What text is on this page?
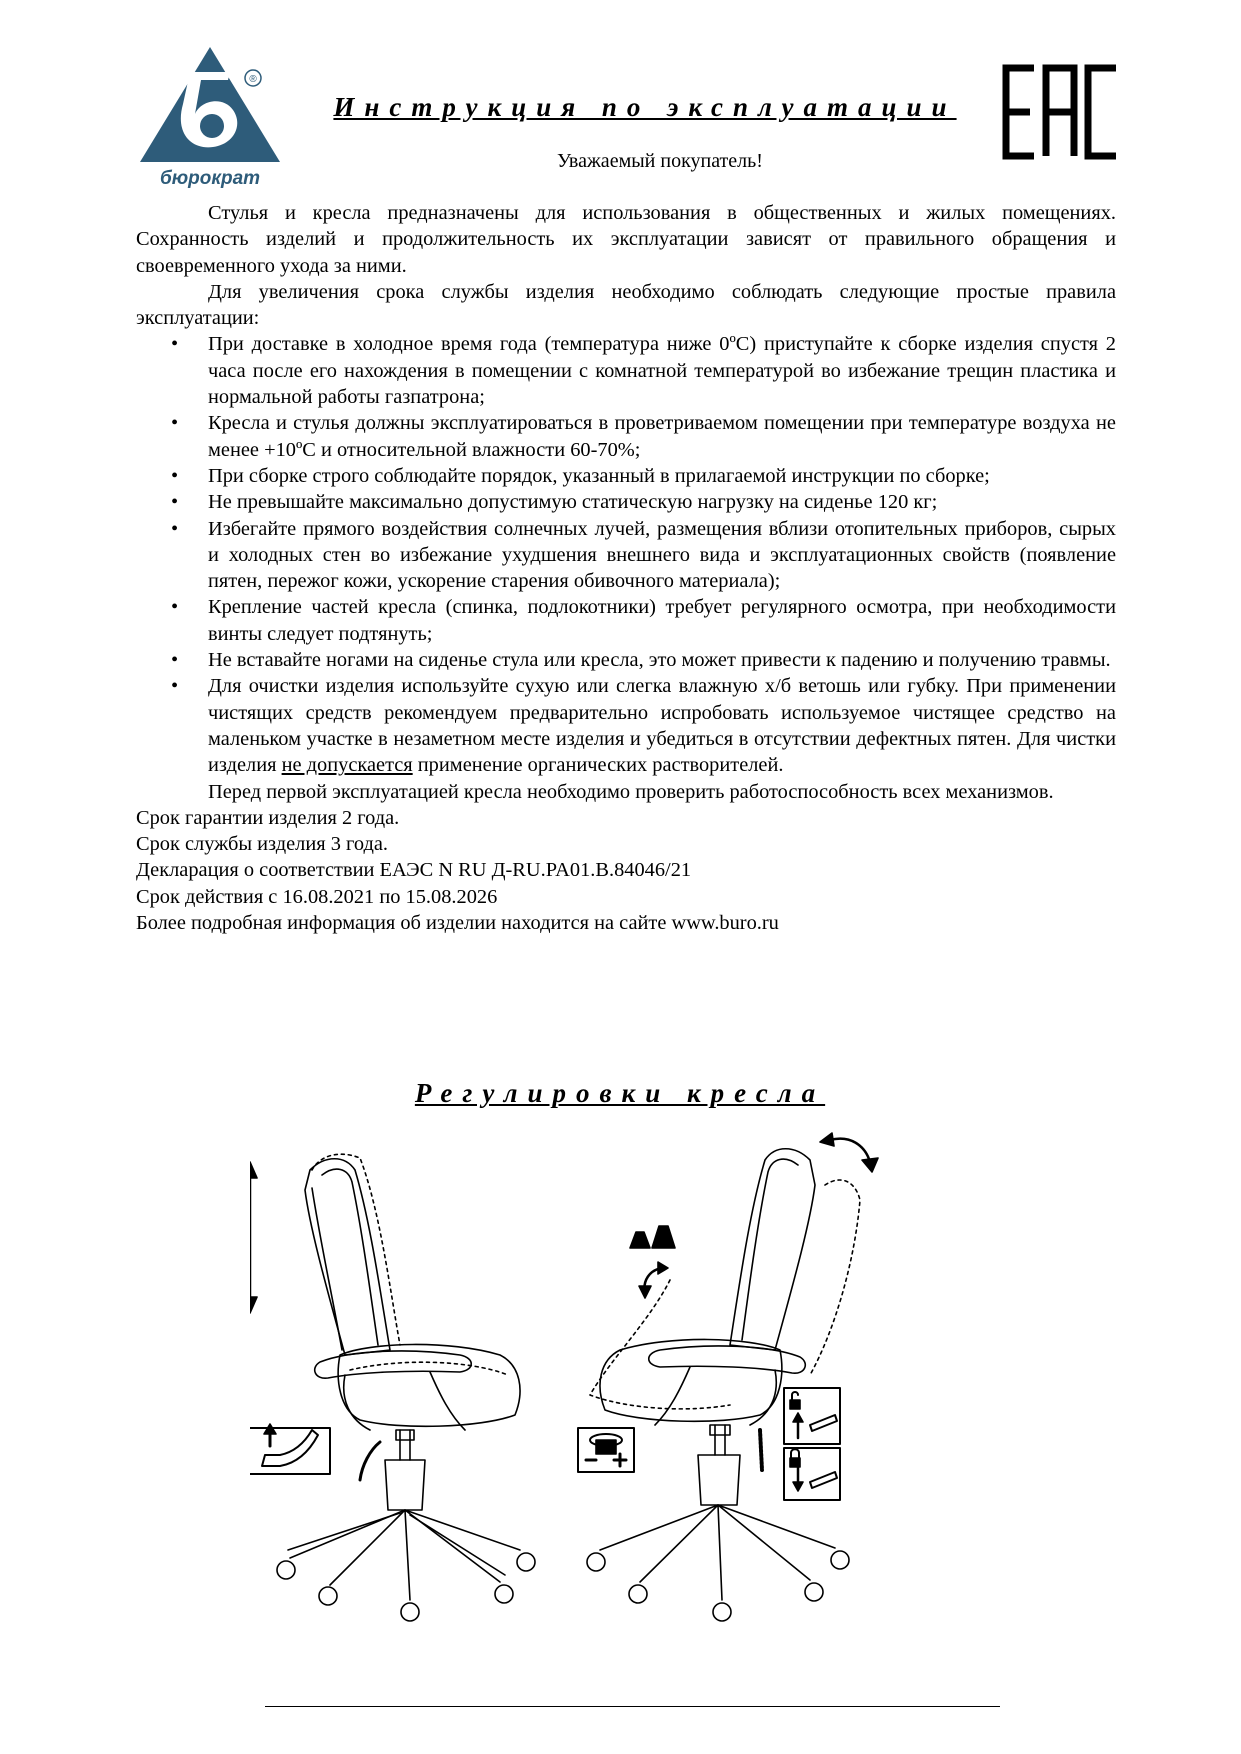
®
бюрократ
Инструкция по эксплуатации
EAC
Уважаемый покупатель!

Стулья и кресла предназначены для использования в общественных и жилых помещениях. Сохранность изделий и продолжительность их эксплуатации зависят от правильного обращения и своевременного ухода за ними.

Для увеличения срока службы изделия необходимо соблюдать следующие простые правила эксплуатации:

• При доставке в холодное время года (температура ниже 0ºС) приступайте к сборке изделия спустя 2 часа после его нахождения в помещении с комнатной температурой во избежание трещин пластика и нормальной работы газпатрона;
• Кресла и стулья должны эксплуатироваться в проветриваемом помещении при температуре воздуха не менее +10ºС и относительной влажности 60-70%;
• При сборке строго соблюдайте порядок, указанный в прилагаемой инструкции по сборке;
• Не превышайте максимально допустимую статическую нагрузку на сиденье 120 кг;
• Избегайте прямого воздействия солнечных лучей, размещения вблизи отопительных приборов, сырых и холодных стен во избежание ухудшения внешнего вида и эксплуатационных свойств (появление пятен, пережог кожи, ускорение старения обивочного материала);
• Крепление частей кресла (спинка, подлокотники) требует регулярного осмотра, при необходимости винты следует подтянуть;
• Не вставайте ногами на сиденье стула или кресла, это может привести к падению и получению травмы.
• Для очистки изделия используйте сухую или слегка влажную х/б ветошь или губку. При применении чистящих средств рекомендуем предварительно испробовать используемое чистящее средство на маленьком участке в незаметном месте изделия и убедиться в отсутствии дефектных пятен. Для чистки изделия не допускается применение органических растворителей.

Перед первой эксплуатацией кресла необходимо проверить работоспособность всех механизмов.

Срок гарантии изделия 2 года.

Срок службы изделия 3 года.

Декларация о соответствии ЕАЭС N RU Д-RU.PA01.B.84046/21

Срок действия с 16.08.2021 по 15.08.2026

Более подробная информация об изделии находится на сайте www.buro.ru

Регулировки кресла
